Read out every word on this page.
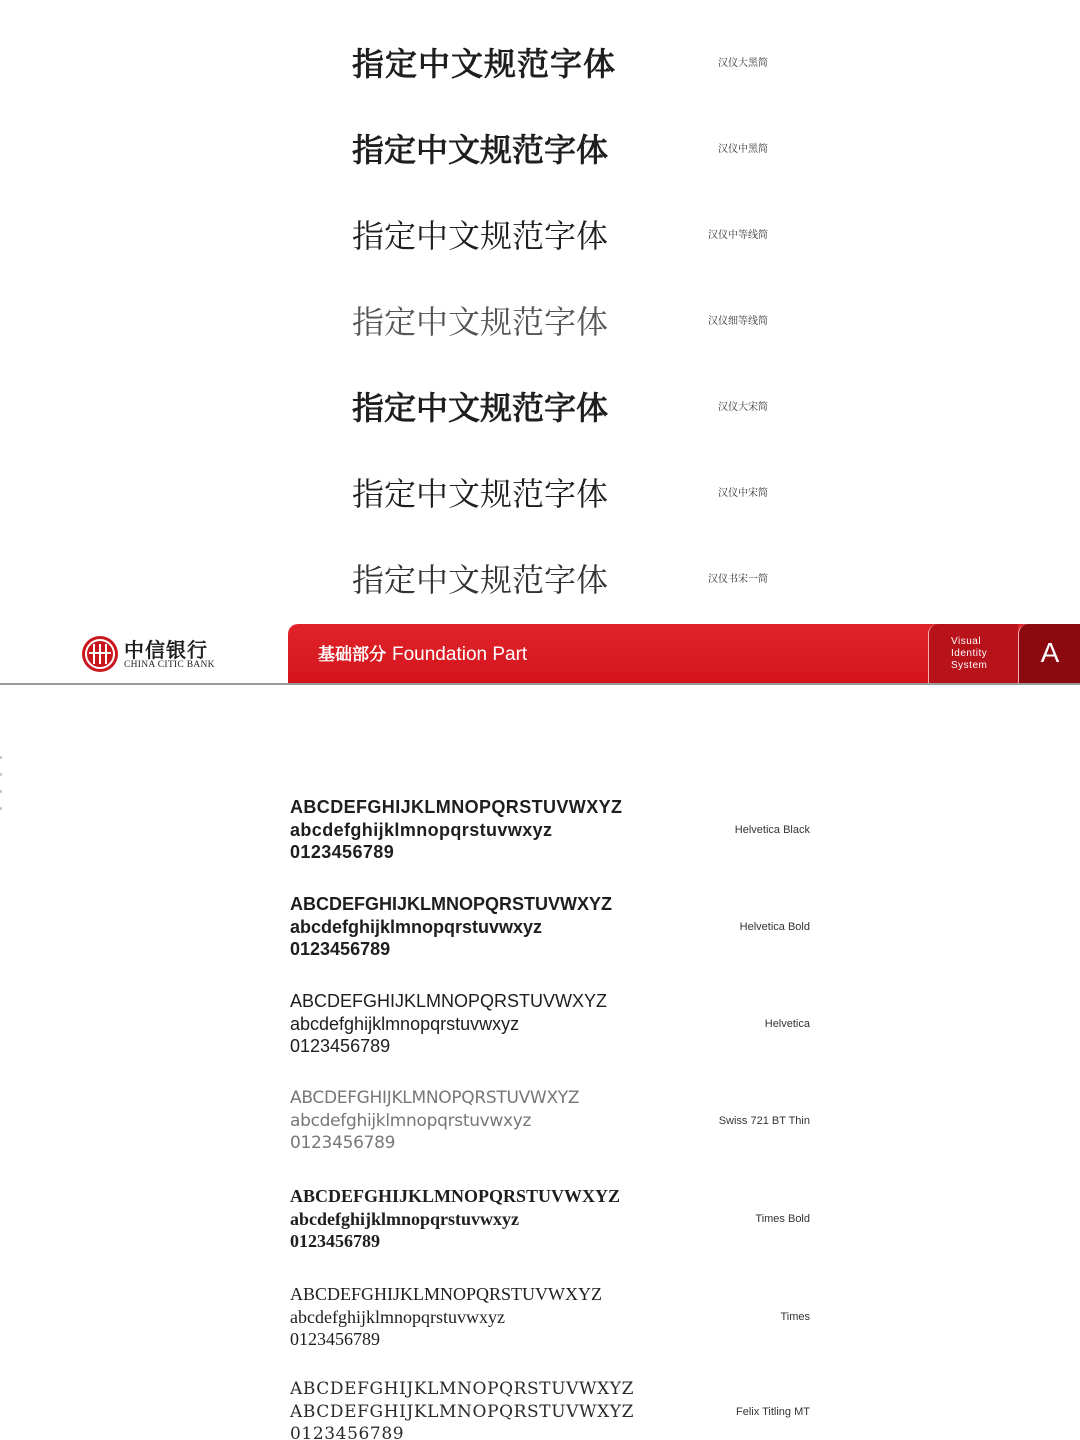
指定中文规范字体	汉仪大黑简
指定中文规范字体	汉仪中黑简
指定中文规范字体	汉仪中等线简
指定中文规范字体	汉仪细等线简
指定中文规范字体	汉仪大宋简
指定中文规范字体	汉仪中宋简
指定中文规范字体	汉仪书宋一简
中信银行
CHINA CITIC BANK	基础部分 Foundation Part
Visual
Identity
System	A
ABCDEFGHIJKLMNOPQRSTUVWXYZ
abcdefghijklmnopqrstuvwxyz
0123456789
Helvetica Black
ABCDEFGHIJKLMNOPQRSTUVWXYZ
abcdefghijklmnopqrstuvwxyz
0123456789
Helvetica Bold
ABCDEFGHIJKLMNOPQRSTUVWXYZ
abcdefghijklmnopqrstuvwxyz
0123456789
Helvetica
ABCDEFGHIJKLMNOPQRSTUVWXYZ
abcdefghijklmnopqrstuvwxyz
0123456789
Swiss 721 BT Thin
ABCDEFGHIJKLMNOPQRSTUVWXYZ
abcdefghijklmnopqrstuvwxyz
0123456789
Times Bold
ABCDEFGHIJKLMNOPQRSTUVWXYZ
abcdefghijklmnopqrstuvwxyz
0123456789
Times
ABCDEFGHIJKLMNOPQRSTUVWXYZ
ABCDEFGHIJKLMNOPQRSTUVWXYZ
0123456789
Felix Titling MT
